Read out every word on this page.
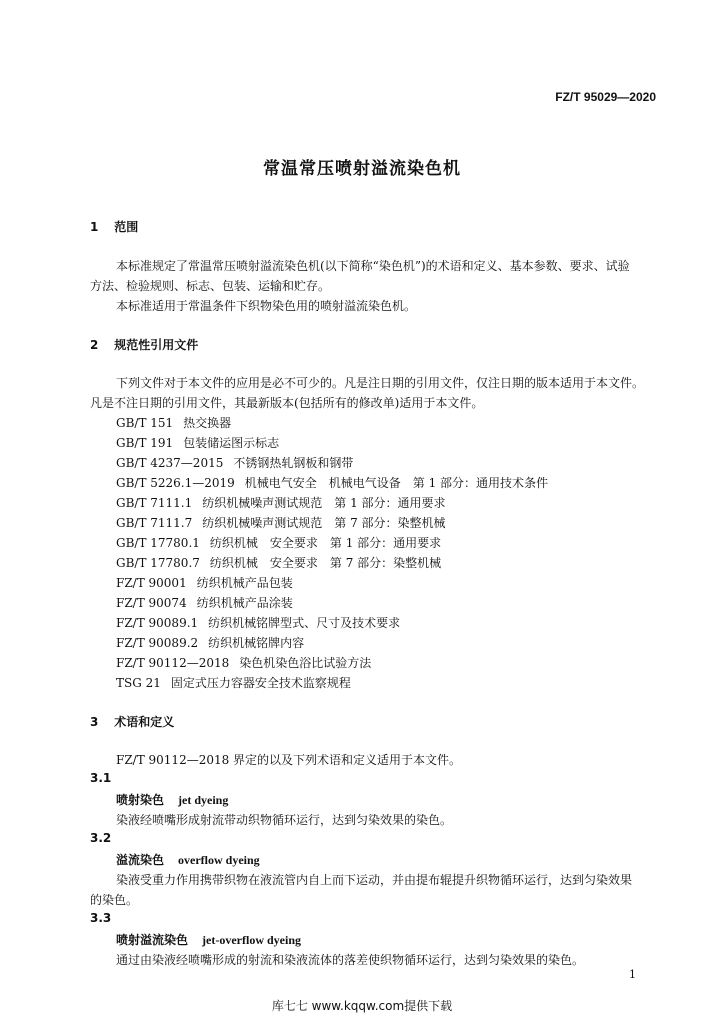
FZ/T 95029—2020
常温常压喷射溢流染色机
1 范围
本标准规定了常温常压喷射溢流染色机(以下简称“染色机”)的术语和定义、基本参数、要求、试验
方法、检验规则、标志、包装、运输和贮存。
本标准适用于常温条件下织物染色用的喷射溢流染色机。
2 规范性引用文件
下列文件对于本文件的应用是必不可少的。凡是注日期的引用文件，仅注日期的版本适用于本文件。
凡是不注日期的引用文件，其最新版本(包括所有的修改单)适用于本文件。
GB/T 151 热交换器
GB/T 191 包装储运图示标志
GB/T 4237—2015 不锈钢热轧钢板和钢带
GB/T 5226.1—2019 机械电气安全　机械电气设备　第 1 部分：通用技术条件
GB/T 7111.1 纺织机械噪声测试规范　第 1 部分：通用要求
GB/T 7111.7 纺织机械噪声测试规范　第 7 部分：染整机械
GB/T 17780.1 纺织机械　安全要求　第 1 部分：通用要求
GB/T 17780.7 纺织机械　安全要求　第 7 部分：染整机械
FZ/T 90001 纺织机械产品包装
FZ/T 90074 纺织机械产品涂装
FZ/T 90089.1 纺织机械铭牌型式、尺寸及技术要求
FZ/T 90089.2 纺织机械铭牌内容
FZ/T 90112—2018 染色机染色浴比试验方法
TSG 21 固定式压力容器安全技术监察规程
3 术语和定义
FZ/T 90112—2018 界定的以及下列术语和定义适用于本文件。
3.1
喷射染色 jet dyeing
染液经喷嘴形成射流带动织物循环运行，达到匀染效果的染色。
3.2
溢流染色 overflow dyeing
染液受重力作用携带织物在液流管内自上而下运动，并由提布辊提升织物循环运行，达到匀染效果
的染色。
3.3
喷射溢流染色 jet-overflow dyeing
通过由染液经喷嘴形成的射流和染液流体的落差使织物循环运行，达到匀染效果的染色。
1
库七七 www.kqqw.com提供下载
